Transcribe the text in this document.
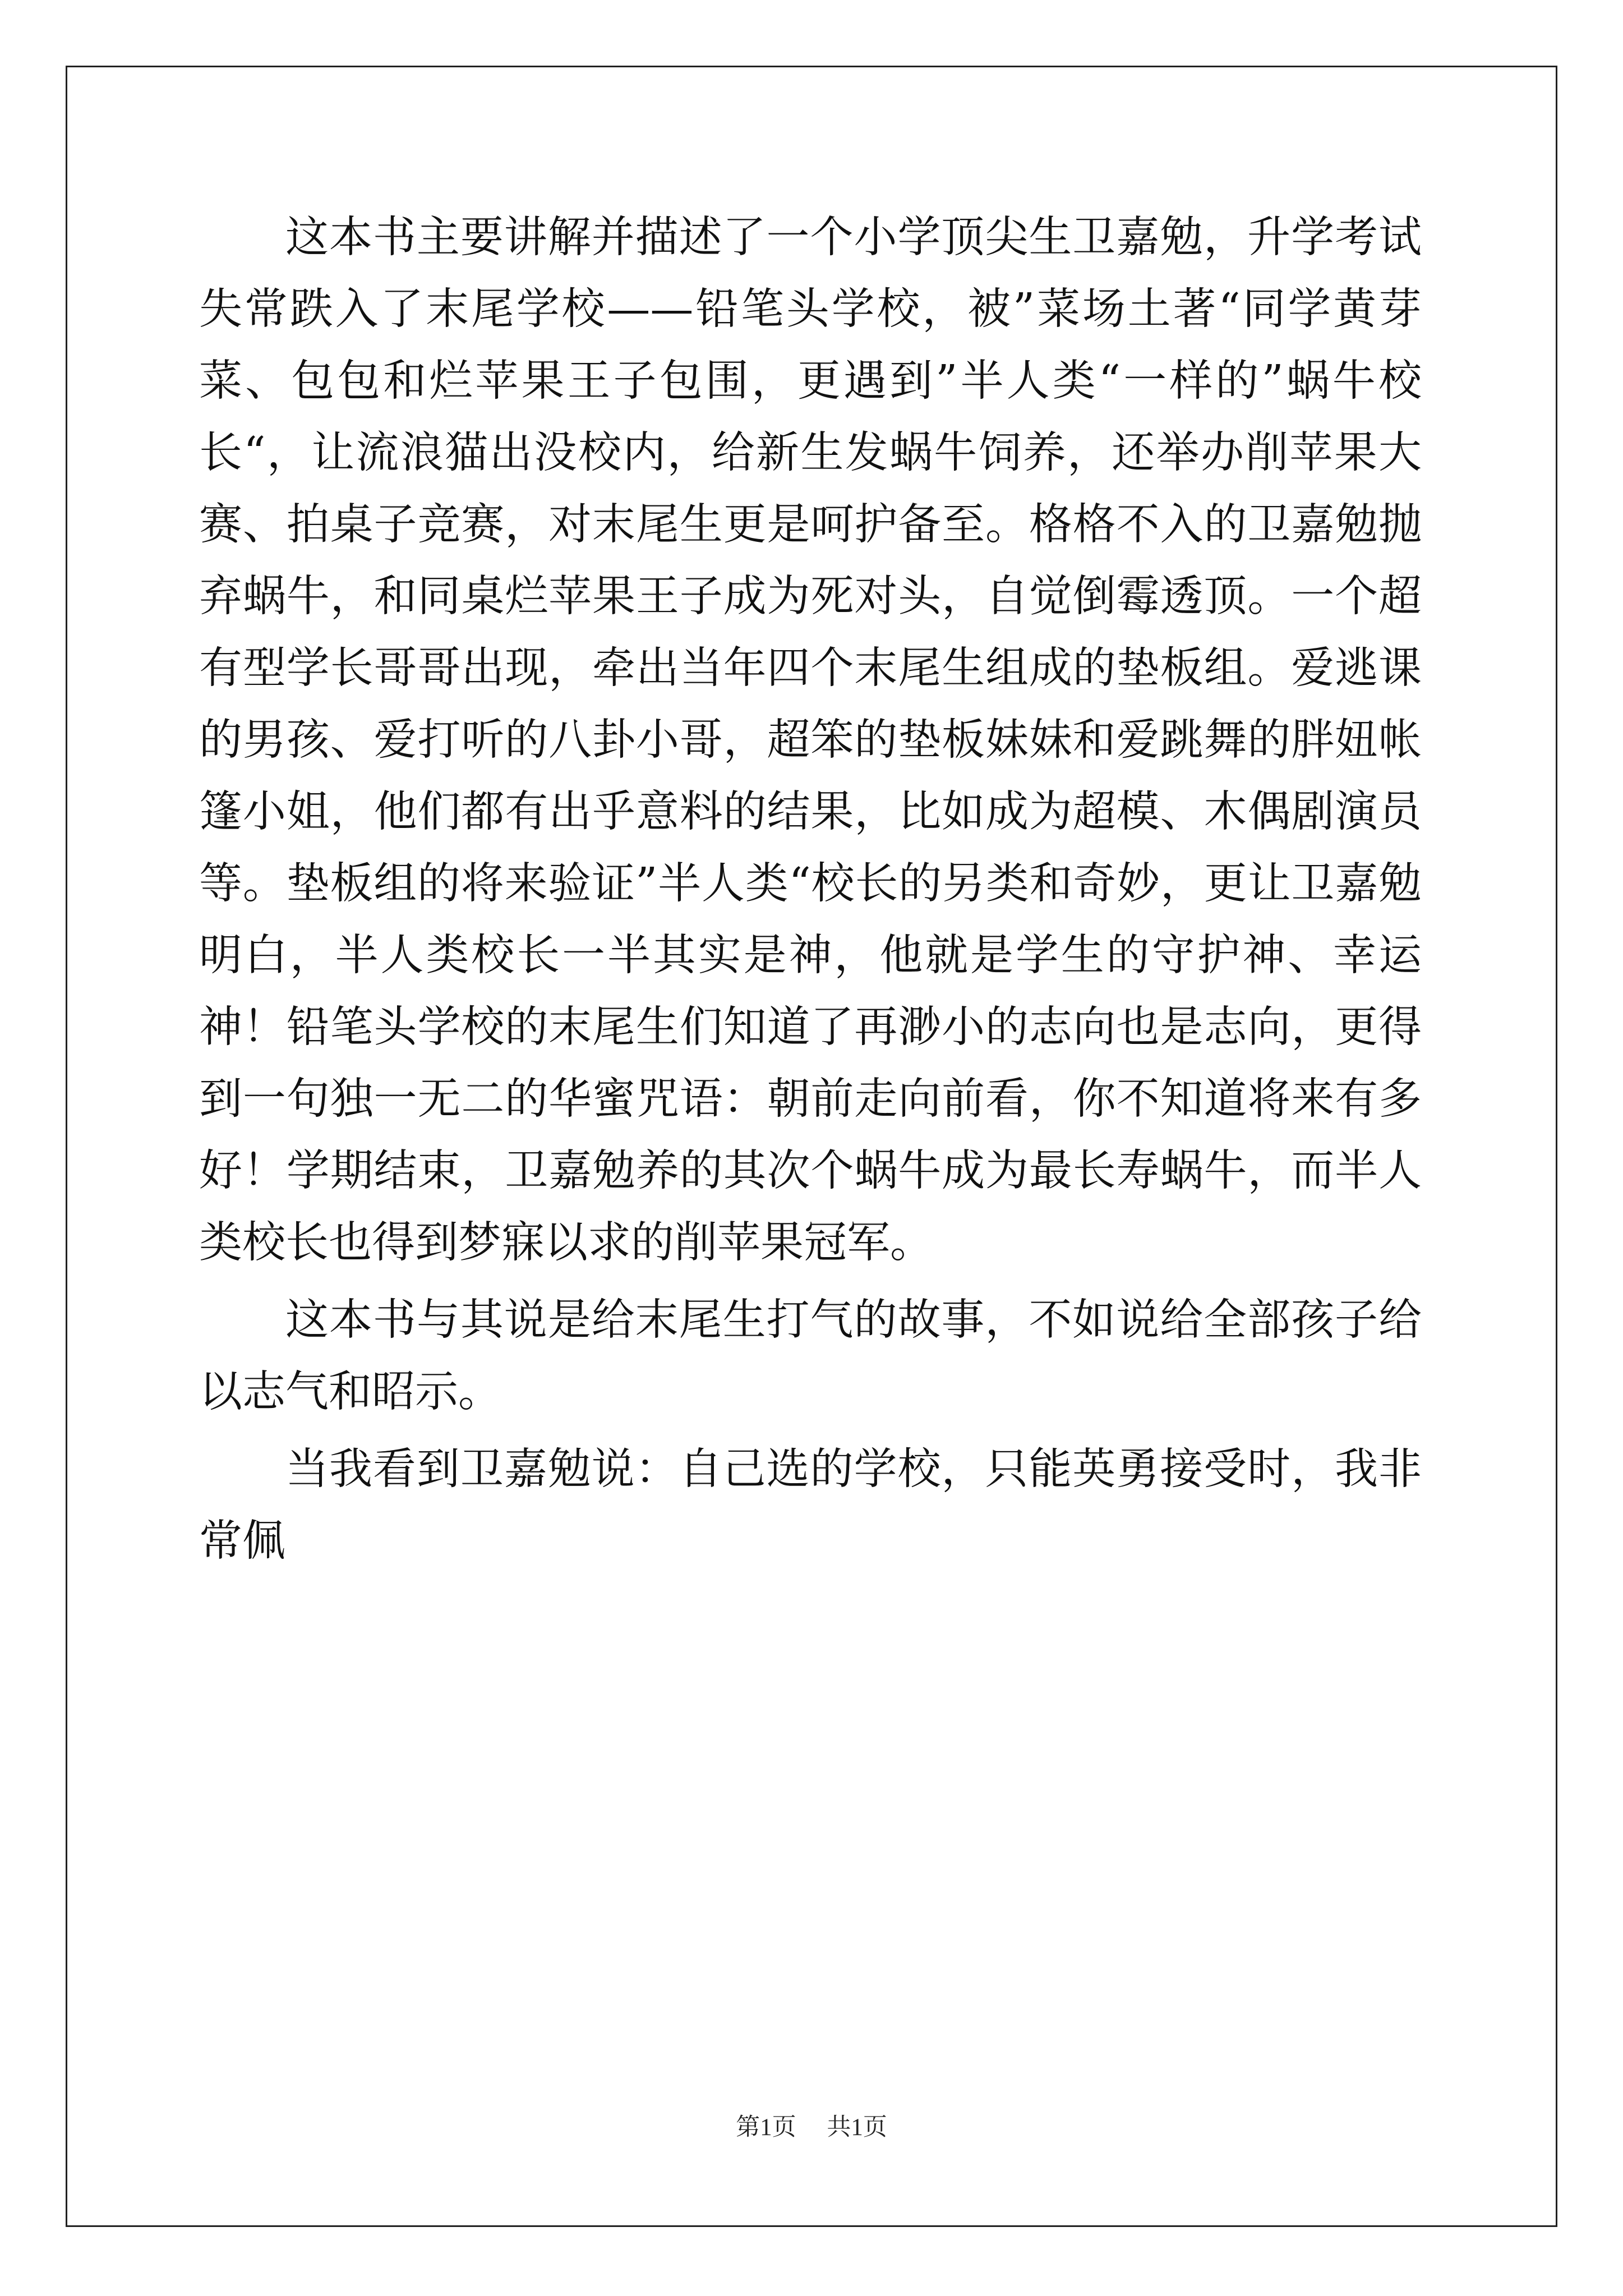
这本书主要讲解并描述了一个小学顶尖生卫嘉勉，升学考试失常跌入了末尾学校——铅笔头学校，被”菜场土著“同学黄芽菜、包包和烂苹果王子包围，更遇到”半人类“一样的”蜗牛校长“，让流浪猫出没校内，给新生发蜗牛饲养，还举办削苹果大赛、拍桌子竞赛，对末尾生更是呵护备至。格格不入的卫嘉勉抛弃蜗牛，和同桌烂苹果王子成为死对头，自觉倒霉透顶。一个超有型学长哥哥出现，牵出当年四个末尾生组成的垫板组。爱逃课的男孩、爱打听的八卦小哥，超笨的垫板妹妹和爱跳舞的胖妞帐篷小姐，他们都有出乎意料的结果，比如成为超模、木偶剧演员等。垫板组的将来验证”半人类“校长的另类和奇妙，更让卫嘉勉明白，半人类校长一半其实是神，他就是学生的守护神、幸运神！铅笔头学校的末尾生们知道了再渺小的志向也是志向，更得到一句独一无二的华蜜咒语：朝前走向前看，你不知道将来有多好！学期结束，卫嘉勉养的其次个蜗牛成为最长寿蜗牛，而半人类校长也得到梦寐以求的削苹果冠军。

这本书与其说是给末尾生打气的故事，不如说给全部孩子给以志气和昭示。

当我看到卫嘉勉说：自己选的学校，只能英勇接受时，我非常佩

第1页 共1页
